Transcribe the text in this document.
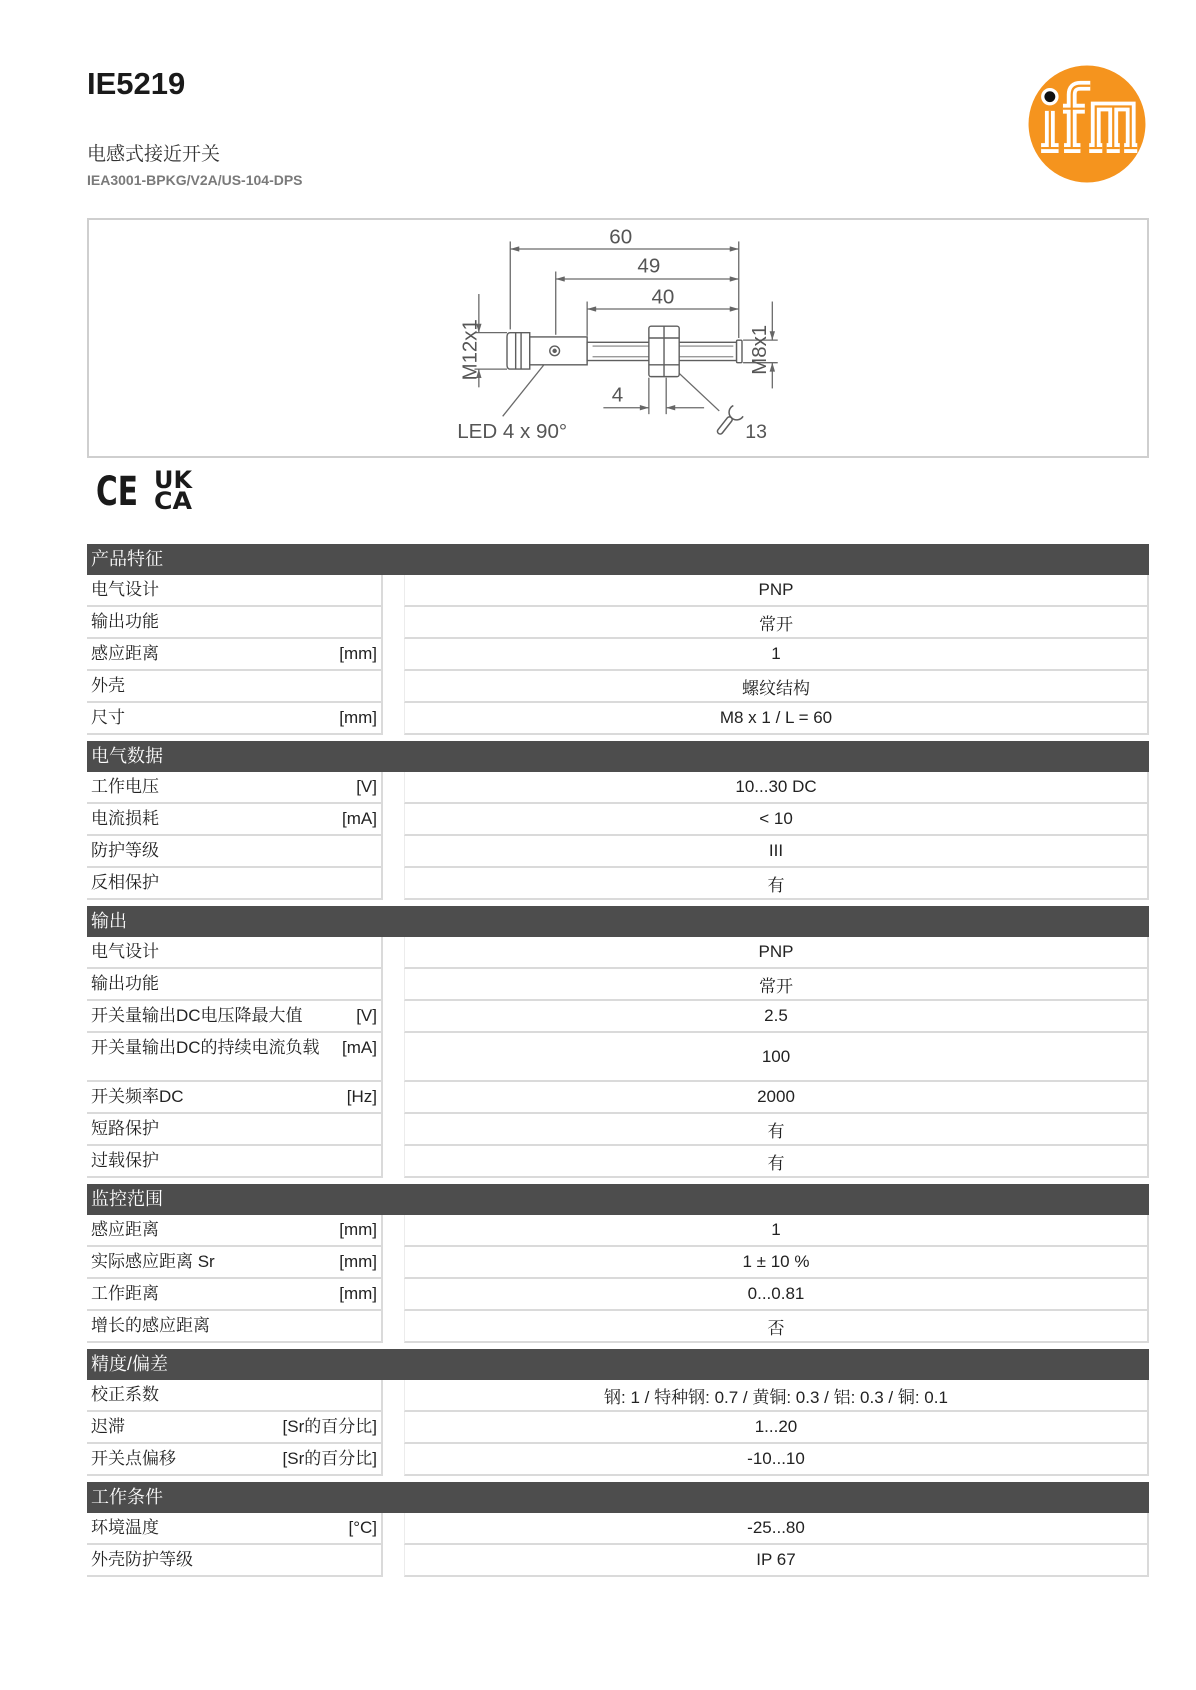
IE5219
电感式接近开关
IEA3001-BPKG/V2A/US-104-DPS
60
49
40
M12x1	M8x1
LED 4 x 90°
4
13
CE UK
CA
产品特征
电气设计	PNP
输出功能	常开
感应距离	[mm]	1
外壳	螺纹结构
尺寸	[mm]	M8 x 1 / L = 60
电气数据
工作电压	[V]	10...30 DC
电流损耗	[mA]	< 10
防护等级	III
反相保护	有
输出
电气设计	PNP
输出功能	常开
开关量输出DC电压降最大值	[V]	2.5
开关量输出DC的持续电流负载	[mA]	100
开关频率DC	[Hz]	2000
短路保护	有
过载保护	有
监控范围
感应距离	[mm]	1
实际感应距离 Sr	[mm]	1 ± 10 %
工作距离	[mm]	0...0.81
增长的感应距离	否
精度/偏差
校正系数	钢: 1 / 特种钢: 0.7 / 黄铜: 0.3 / 铝: 0.3 / 铜: 0.1
迟滞	[Sr的百分比]	1...20
开关点偏移	[Sr的百分比]	-10...10
工作条件
环境温度	[°C]	-25...80
外壳防护等级	IP 67
